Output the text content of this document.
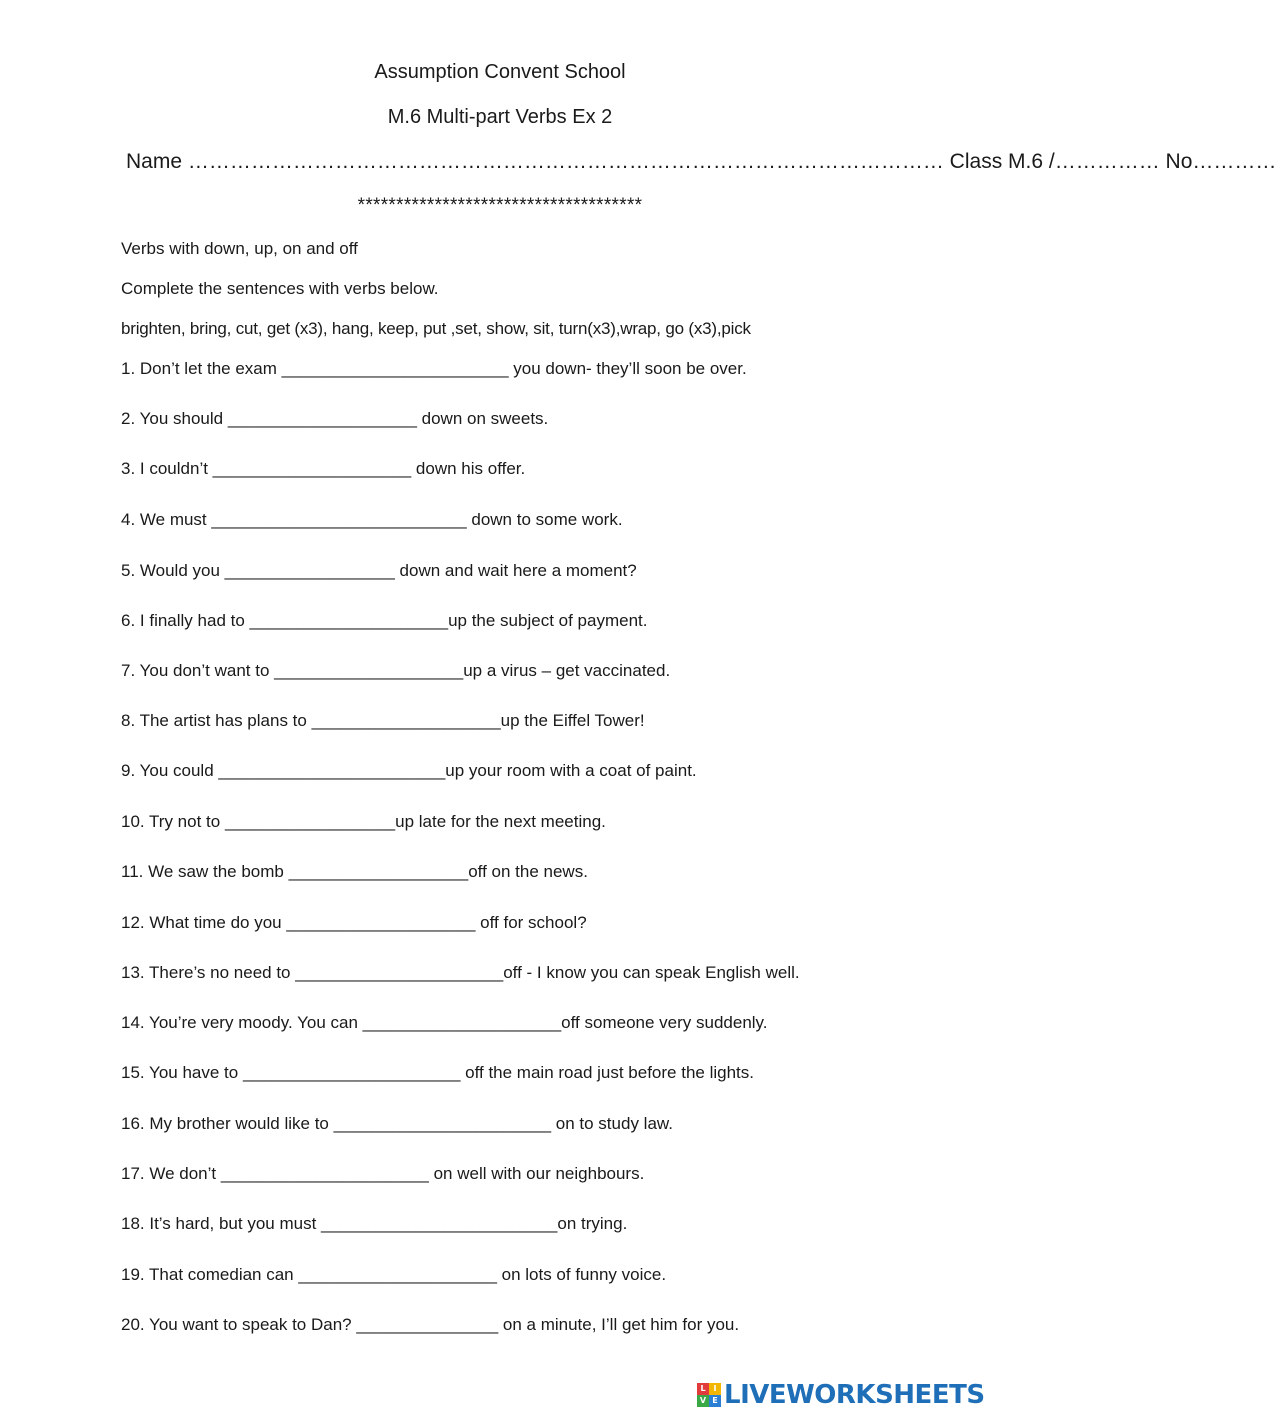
Assumption Convent School
M.6 Multi-part Verbs Ex 2
Name ……………………………………………………………………………………………… Class M.6 /…………… No…………
*************************************
Verbs with down, up, on and off
Complete the sentences with verbs below.
brighten, bring, cut, get (x3), hang, keep, put ,set, show, sit, turn(x3),wrap, go (x3),pick
1. Don’t let the exam ________________________ you down- they’ll soon be over.
2. You should ____________________ down on sweets.
3. I couldn’t _____________________ down his offer.
4. We must ___________________________ down to some work.
5. Would you __________________ down and wait here a moment?
6. I finally had to _____________________up the subject of payment.
7. You don’t want to ____________________up a virus – get vaccinated.
8. The artist has plans to ____________________up the Eiffel Tower!
9. You could ________________________up your room with a coat of paint.
10. Try not to __________________up late for the next meeting.
11. We saw the bomb ___________________off on the news.
12. What time do you ____________________ off for school?
13. There’s no need to ______________________off - I know you can speak English well.
14. You’re very moody. You can _____________________off someone very suddenly.
15. You have to _______________________ off the main road just before the lights.
16. My brother would like to _______________________ on to study law.
17. We don’t ______________________ on well with our neighbours.
18. It’s hard, but you must _________________________on trying.
19. That comedian can _____________________ on lots of funny voice.
20. You want to speak to Dan? _______________ on a minute, I’ll get him for you.
L I
V E LIVEWORKSHEETS
